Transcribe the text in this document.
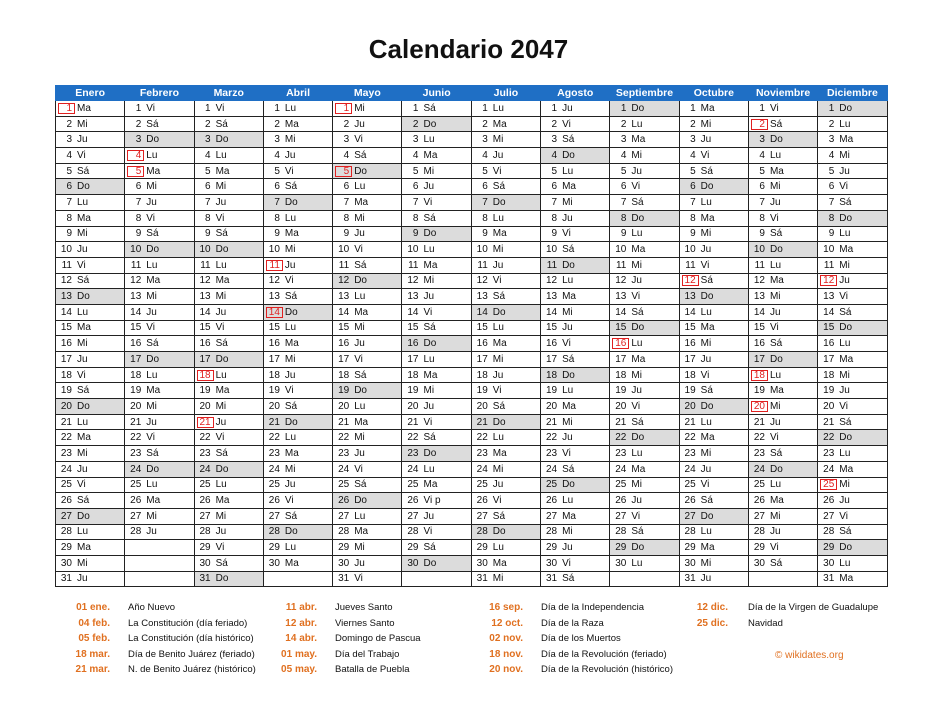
Calendario 2047
Enero	Febrero	Marzo	Abril	Mayo	Junio	Julio	Agosto	Septiembre	Octubre	Noviembre	Diciembre
1 Ma	1 Vi	1 Vi	1 Lu	1 Mi	1 Sá	1 Lu	1 Ju	1 Do	1 Ma	1 Vi	1 Do
2 Mi	2 Sá	2 Sá	2 Ma	2 Ju	2 Do	2 Ma	2 Vi	2 Lu	2 Mi	2 Sá	2 Lu
3 Ju	3 Do	3 Do	3 Mi	3 Vi	3 Lu	3 Mi	3 Sá	3 Ma	3 Ju	3 Do	3 Ma
4 Vi	4 Lu	4 Lu	4 Ju	4 Sá	4 Ma	4 Ju	4 Do	4 Mi	4 Vi	4 Lu	4 Mi
5 Sá	5 Ma	5 Ma	5 Vi	5 Do	5 Mi	5 Vi	5 Lu	5 Ju	5 Sá	5 Ma	5 Ju
6 Do	6 Mi	6 Mi	6 Sá	6 Lu	6 Ju	6 Sá	6 Ma	6 Vi	6 Do	6 Mi	6 Vi
7 Lu	7 Ju	7 Ju	7 Do	7 Ma	7 Vi	7 Do	7 Mi	7 Sá	7 Lu	7 Ju	7 Sá
8 Ma	8 Vi	8 Vi	8 Lu	8 Mi	8 Sá	8 Lu	8 Ju	8 Do	8 Ma	8 Vi	8 Do
9 Mi	9 Sá	9 Sá	9 Ma	9 Ju	9 Do	9 Ma	9 Vi	9 Lu	9 Mi	9 Sá	9 Lu
10 Ju	10 Do	10 Do	10 Mi	10 Vi	10 Lu	10 Mi	10 Sá	10 Ma	10 Ju	10 Do	10 Ma
11 Vi	11 Lu	11 Lu	11 Ju	11 Sá	11 Ma	11 Ju	11 Do	11 Mi	11 Vi	11 Lu	11 Mi
12 Sá	12 Ma	12 Ma	12 Vi	12 Do	12 Mi	12 Vi	12 Lu	12 Ju	12 Sá	12 Ma	12 Ju
13 Do	13 Mi	13 Mi	13 Sá	13 Lu	13 Ju	13 Sá	13 Ma	13 Vi	13 Do	13 Mi	13 Vi
14 Lu	14 Ju	14 Ju	14 Do	14 Ma	14 Vi	14 Do	14 Mi	14 Sá	14 Lu	14 Ju	14 Sá
15 Ma	15 Vi	15 Vi	15 Lu	15 Mi	15 Sá	15 Lu	15 Ju	15 Do	15 Ma	15 Vi	15 Do
16 Mi	16 Sá	16 Sá	16 Ma	16 Ju	16 Do	16 Ma	16 Vi	16 Lu	16 Mi	16 Sá	16 Lu
17 Ju	17 Do	17 Do	17 Mi	17 Vi	17 Lu	17 Mi	17 Sá	17 Ma	17 Ju	17 Do	17 Ma
18 Vi	18 Lu	18 Lu	18 Ju	18 Sá	18 Ma	18 Ju	18 Do	18 Mi	18 Vi	18 Lu	18 Mi
19 Sá	19 Ma	19 Ma	19 Vi	19 Do	19 Mi	19 Vi	19 Lu	19 Ju	19 Sá	19 Ma	19 Ju
20 Do	20 Mi	20 Mi	20 Sá	20 Lu	20 Ju	20 Sá	20 Ma	20 Vi	20 Do	20 Mi	20 Vi
21 Lu	21 Ju	21 Ju	21 Do	21 Ma	21 Vi	21 Do	21 Mi	21 Sá	21 Lu	21 Ju	21 Sá
22 Ma	22 Vi	22 Vi	22 Lu	22 Mi	22 Sá	22 Lu	22 Ju	22 Do	22 Ma	22 Vi	22 Do
23 Mi	23 Sá	23 Sá	23 Ma	23 Ju	23 Do	23 Ma	23 Vi	23 Lu	23 Mi	23 Sá	23 Lu
24 Ju	24 Do	24 Do	24 Mi	24 Vi	24 Lu	24 Mi	24 Sá	24 Ma	24 Ju	24 Do	24 Ma
25 Vi	25 Lu	25 Lu	25 Ju	25 Sá	25 Ma	25 Ju	25 Do	25 Mi	25 Vi	25 Lu	25 Mi
26 Sá	26 Ma	26 Ma	26 Vi	26 Do	26 Vi p	26 Vi	26 Lu	26 Ju	26 Sá	26 Ma	26 Ju
27 Do	27 Mi	27 Mi	27 Sá	27 Lu	27 Ju	27 Sá	27 Ma	27 Vi	27 Do	27 Mi	27 Vi
28 Lu	28 Ju	28 Ju	28 Do	28 Ma	28 Vi	28 Do	28 Mi	28 Sá	28 Lu	28 Ju	28 Sá
29 Ma		29 Vi	29 Lu	29 Mi	29 Sá	29 Lu	29 Ju	29 Do	29 Ma	29 Vi	29 Do
30 Mi		30 Sá	30 Ma	30 Ju	30 Do	30 Ma	30 Vi	30 Lu	30 Mi	30 Sá	30 Lu
31 Ju		31 Do		31 Vi		31 Mi	31 Sá		31 Ju		31 Ma
01 ene. Año Nuevo
04 feb. La Constitución (día feriado)
05 feb. La Constitución (día histórico)
18 mar. Día de Benito Juárez (feriado)
21 mar. N. de Benito Juárez (histórico)
11 abr. Jueves Santo
12 abr. Viernes Santo
14 abr. Domingo de Pascua
01 may. Día del Trabajo
05 may. Batalla de Puebla
16 sep. Día de la Independencia
12 oct. Día de la Raza
02 nov. Día de los Muertos
18 nov. Día de la Revolución (feriado)
20 nov. Día de la Revolución (histórico)
12 dic. Día de la Virgen de Guadalupe
25 dic. Navidad
© wikidates.org
